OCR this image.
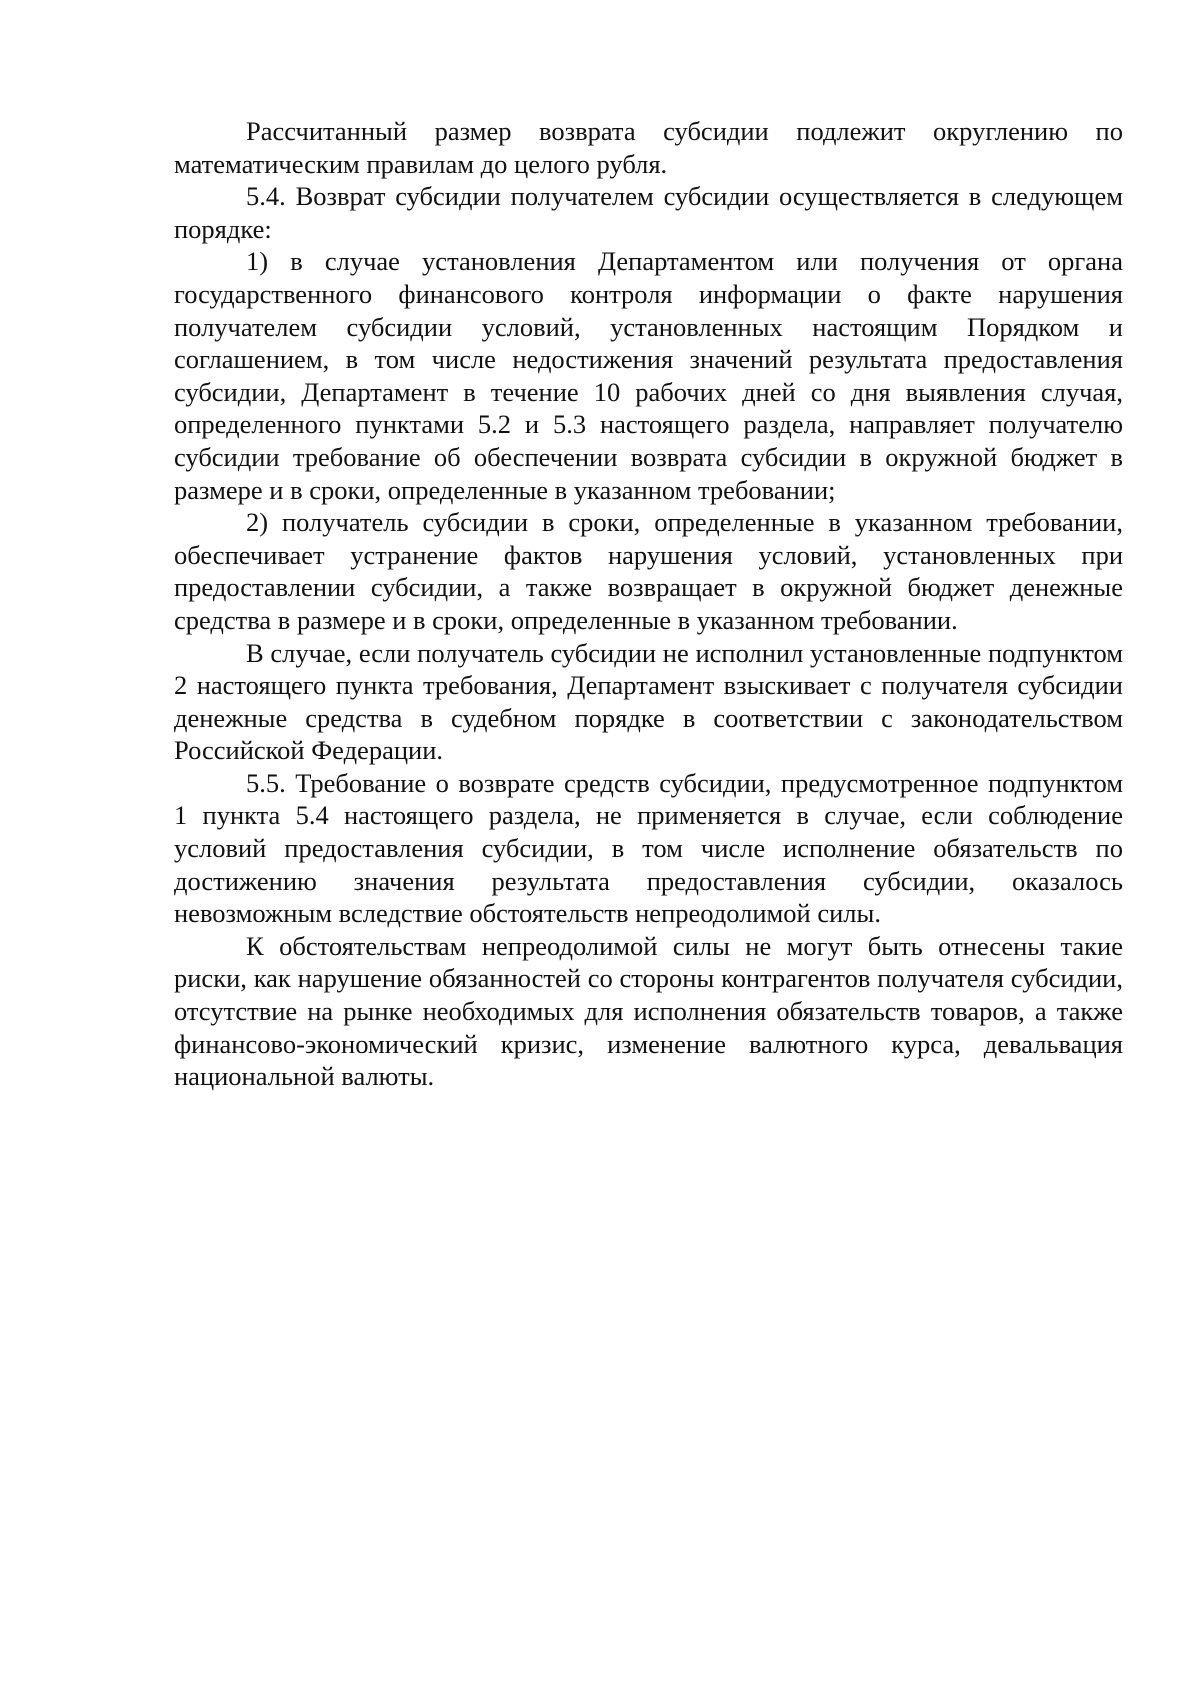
Рассчитанный размер возврата субсидии подлежит округлению по математическим правилам до целого рубля.

5.4. Возврат субсидии получателем субсидии осуществляется в следующем порядке:

1) в случае установления Департаментом или получения от органа государственного финансового контроля информации о факте нарушения получателем субсидии условий, установленных настоящим Порядком и соглашением, в том числе недостижения значений результата предоставления субсидии, Департамент в течение 10 рабочих дней со дня выявления случая, определенного пунктами 5.2 и 5.3 настоящего раздела, направляет получателю субсидии требование об обеспечении возврата субсидии в окружной бюджет в размере и в сроки, определенные в указанном требовании;

2) получатель субсидии в сроки, определенные в указанном требовании, обеспечивает устранение фактов нарушения условий, установленных при предоставлении субсидии, а также возвращает в окружной бюджет денежные средства в размере и в сроки, определенные в указанном требовании.

В случае, если получатель субсидии не исполнил установленные подпунктом 2 настоящего пункта требования, Департамент взыскивает с получателя субсидии денежные средства в судебном порядке в соответствии с законодательством Российской Федерации.

5.5. Требование о возврате средств субсидии, предусмотренное подпунктом 1 пункта 5.4 настоящего раздела, не применяется в случае, если соблюдение условий предоставления субсидии, в том числе исполнение обязательств по достижению значения результата предоставления субсидии, оказалось невозможным вследствие обстоятельств непреодолимой силы.

К обстоятельствам непреодолимой силы не могут быть отнесены такие риски, как нарушение обязанностей со стороны контрагентов получателя субсидии, отсутствие на рынке необходимых для исполнения обязательств товаров, а также финансово-экономический кризис, изменение валютного курса, девальвация национальной валюты.
